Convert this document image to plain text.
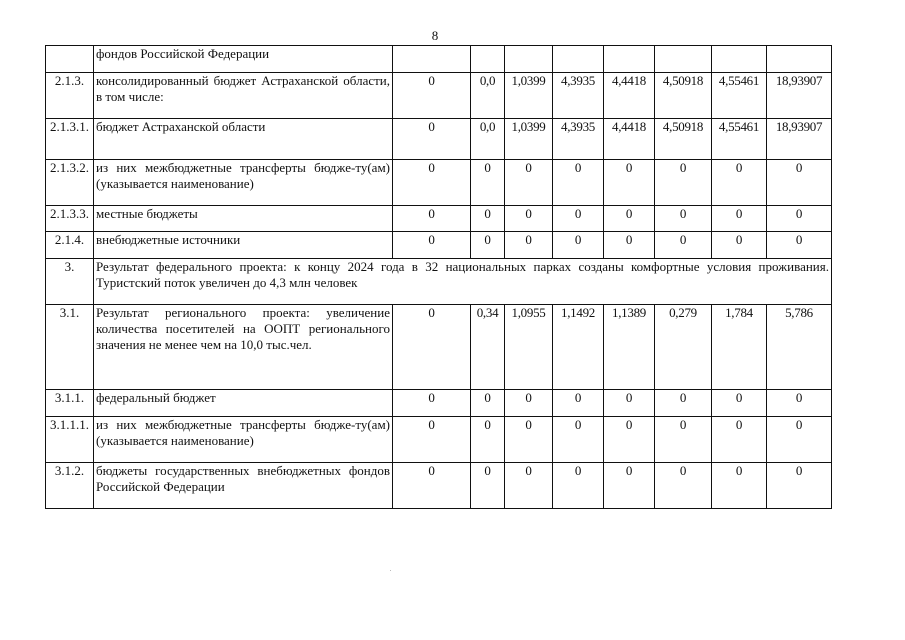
8
	фондов Российской Федерации								
2.1.3.	консолидированный бюджет Астраханской области, в том числе:	0	0,0	1,0399	4,3935	4,4418	4,50918	4,55461	18,93907
2.1.3.1.	бюджет Астраханской области	0	0,0	1,0399	4,3935	4,4418	4,50918	4,55461	18,93907
2.1.3.2.	из них межбюджетные трансферты бюдже-ту(ам) (указывается наименование)	0	0	0	0	0	0	0	0
2.1.3.3.	местные бюджеты	0	0	0	0	0	0	0	0
2.1.4.	внебюджетные источники	0	0	0	0	0	0	0	0
3.	Результат федерального проекта: к концу 2024 года в 32 национальных парках созданы комфортные условия проживания. Туристский поток увеличен до 4,3 млн человек								
3.1.	Результат регионального проекта: увеличение количества посетителей на ООПТ регионального значения не менее чем на 10,0 тыс.чел.	0	0,34	1,0955	1,1492	1,1389	0,279	1,784	5,786
3.1.1.	федеральный бюджет	0	0	0	0	0	0	0	0
3.1.1.1.	из них межбюджетные трансферты бюдже-ту(ам) (указывается наименование)	0	0	0	0	0	0	0	0
3.1.2.	бюджеты государственных внебюджетных фондов Российской Федерации	0	0	0	0	0	0	0	0
